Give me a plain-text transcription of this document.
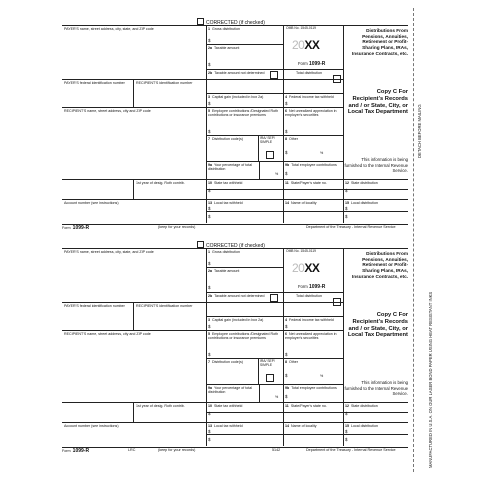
CORRECTED (if checked)
PAYER'S name, street address, city, state, and ZIP code
PAYER'S federal identification number	RECIPIENT'S identification number
RECIPIENT'S name, street address, city and ZIP code
1st year of desig. Roth contrib.
Account number (see instructions)
1 Gross distribution
$
2a Taxable amount
$
2b Taxable amount not determined	Total distribution
3 Capital gain (included in box 2a)
$
4 Federal income tax withheld
$
5 Employee contributions /Designated Roth contributions or insurance premiums
$
6 Net unrealized appreciation in employer's securities
$
7 Distribution code(s)	IRA/ SEP/ SIMPLE
8 Other
$	%
9a Your percentage of total distribution
%
9b Total employee contributions
$
10 State tax withheld
$
11 State/Payer's state no.	12 State distribution
$
13 Local tax withheld
$
$
14 Name of locality	15 Local distribution
$
$
OMB No. 1545-0119
20XX
Form 1099-R
Distributions From Pensions, Annuities, Retirement or Profit-Sharing Plans, IRAs, Insurance Contracts, etc.
Copy C For Recipient's Records and / or State, City, or Local Tax Department
This information is being furnished to the Internal Revenue Service.
Form 1099-R	(keep for your records)	Department of the Treasury - Internal Revenue Service
CORRECTED (if checked)
PAYER'S name, street address, city, state, and ZIP code
PAYER'S federal identification number	RECIPIENT'S identification number
RECIPIENT'S name, street address, city and ZIP code
1st year of desig. Roth contrib.
Account number (see instructions)
1 Gross distribution
$
2a Taxable amount
$
2b Taxable amount not determined	Total distribution
3 Capital gain (included in box 2a)
$
4 Federal income tax withheld
$
5 Employee contributions /Designated Roth contributions or insurance premiums
$
6 Net unrealized appreciation in employer's securities
$
7 Distribution code(s)	IRA/ SEP/ SIMPLE
8 Other
$	%
9a Your percentage of total distribution
%
9b Total employee contributions
$
10 State tax withheld
$
11 State/Payer's state no.	12 State distribution
$
13 Local tax withheld
$
$
14 Name of locality	15 Local distribution
$
$
OMB No. 1545-0119
20XX
Form 1099-R
Distributions From Pensions, Annuities, Retirement or Profit-Sharing Plans, IRAs, Insurance Contracts, etc.
Copy C For Recipient's Records and / or State, City, or Local Tax Department
This information is being furnished to the Internal Revenue Service.
Form 1099-R	LRC	(keep for your records)	5142	Department of the Treasury - Internal Revenue Service	MANUFACTURED IN U.S.A. ON OUR LASER BOND PAPER USING HEAT RESISTANT INKS
DETACH BEFORE MAILING
